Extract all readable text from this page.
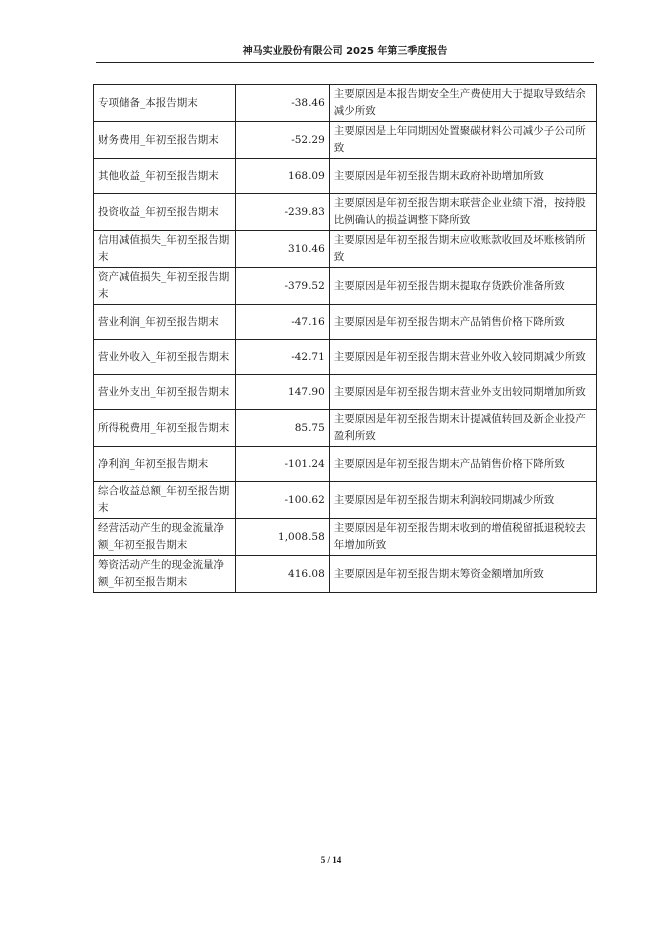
神马实业股份有限公司 2025 年第三季度报告
专项储备_本报告期末	-38.46	主要原因是本报告期安全生产费使用大于提取导致结余减少所致
财务费用_年初至报告期末	-52.29	主要原因是上年同期因处置聚碳材料公司减少子公司所致
其他收益_年初至报告期末	168.09	主要原因是年初至报告期末政府补助增加所致
投资收益_年初至报告期末	-239.83	主要原因是年初至报告期末联营企业业绩下滑，按持股比例确认的损益调整下降所致
信用减值损失_年初至报告期末	310.46	主要原因是年初至报告期末应收账款收回及坏账核销所致
资产减值损失_年初至报告期末	-379.52	主要原因是年初至报告期末提取存货跌价准备所致
营业利润_年初至报告期末	-47.16	主要原因是年初至报告期末产品销售价格下降所致
营业外收入_年初至报告期末	-42.71	主要原因是年初至报告期末营业外收入较同期减少所致
营业外支出_年初至报告期末	147.90	主要原因是年初至报告期末营业外支出较同期增加所致
所得税费用_年初至报告期末	85.75	主要原因是年初至报告期末计提减值转回及新企业投产盈利所致
净利润_年初至报告期末	-101.24	主要原因是年初至报告期末产品销售价格下降所致
综合收益总额_年初至报告期末	-100.62	主要原因是年初至报告期末利润较同期减少所致
经营活动产生的现金流量净额_年初至报告期末	1,008.58	主要原因是年初至报告期末收到的增值税留抵退税较去年增加所致
筹资活动产生的现金流量净额_年初至报告期末	416.08	主要原因是年初至报告期末筹资金额增加所致
5 / 14
